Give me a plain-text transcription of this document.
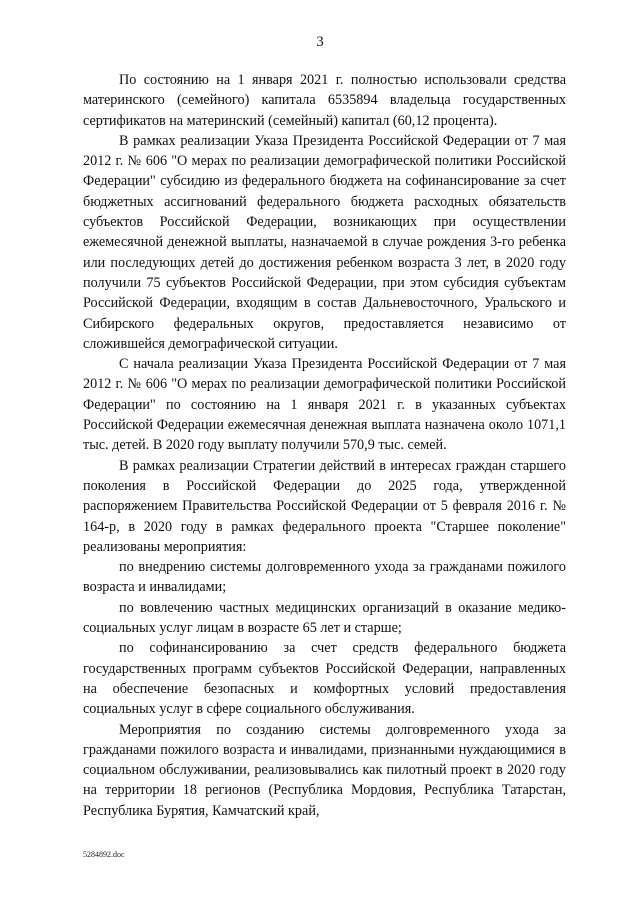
3

По состоянию на 1 января 2021 г. полностью использовали средства материнского (семейного) капитала 6535894 владельца государственных сертификатов на материнский (семейный) капитал (60,12 процента).

В рамках реализации Указа Президента Российской Федерации от 7 мая 2012 г. № 606 "О мерах по реализации демографической политики Российской Федерации" субсидию из федерального бюджета на софинансирование за счет бюджетных ассигнований федерального бюджета расходных обязательств субъектов Российской Федерации, возникающих при осуществлении ежемесячной денежной выплаты, назначаемой в случае рождения 3-го ребенка или последующих детей до достижения ребенком возраста 3 лет, в 2020 году получили 75 субъектов Российской Федерации, при этом субсидия субъектам Российской Федерации, входящим в состав Дальневосточного, Уральского и Сибирского федеральных округов, предоставляется независимо от сложившейся демографической ситуации.

С начала реализации Указа Президента Российской Федерации от 7 мая 2012 г. № 606 "О мерах по реализации демографической политики Российской Федерации" по состоянию на 1 января 2021 г. в указанных субъектах Российской Федерации ежемесячная денежная выплата назначена около 1071,1 тыс. детей. В 2020 году выплату получили 570,9 тыс. семей.

В рамках реализации Стратегии действий в интересах граждан старшего поколения в Российской Федерации до 2025 года, утвержденной распоряжением Правительства Российской Федерации от 5 февраля 2016 г. № 164-р, в 2020 году в рамках федерального проекта "Старшее поколение" реализованы мероприятия:

по внедрению системы долговременного ухода за гражданами пожилого возраста и инвалидами;

по вовлечению частных медицинских организаций в оказание медико-социальных услуг лицам в возрасте 65 лет и старше;

по софинансированию за счет средств федерального бюджета государственных программ субъектов Российской Федерации, направленных на обеспечение безопасных и комфортных условий предоставления социальных услуг в сфере социального обслуживания.

Мероприятия по созданию системы долговременного ухода за гражданами пожилого возраста и инвалидами, признанными нуждающимися в социальном обслуживании, реализовывались как пилотный проект в 2020 году на территории 18 регионов (Республика Мордовия, Республика Татарстан, Республика Бурятия, Камчатский край,

5284892.doc
